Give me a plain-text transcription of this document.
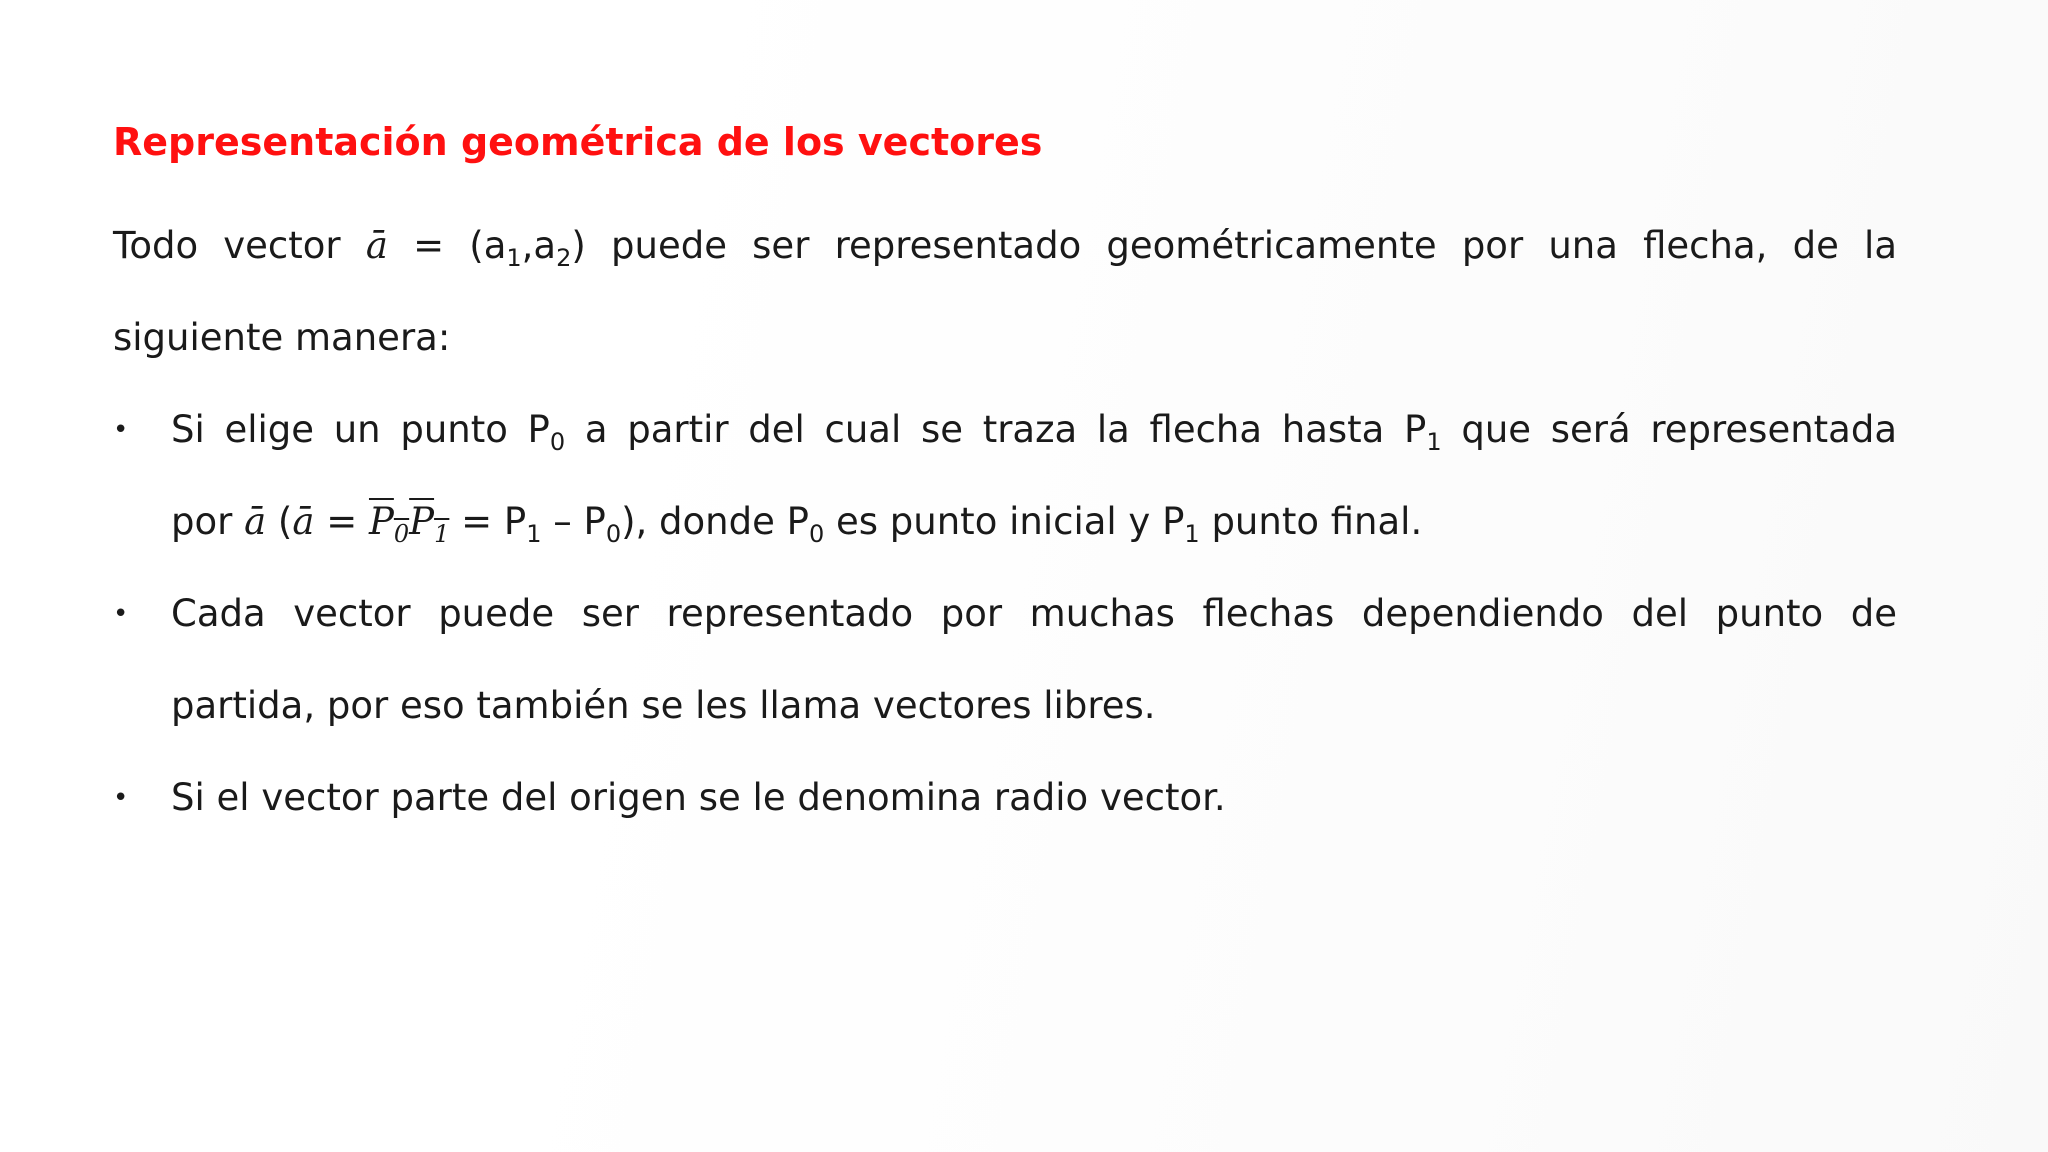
Representación geométrica de los vectores
Todo vector ā = $(a_1,a_2)$ puede ser representado geométricamente por una flecha, de la
siguiente manera:
• Si elige un punto $P_0$ a partir del cual se traza la flecha hasta $P_1$ que será representada
por ā (ā = $P_0P_1 = P_1 - P_0$), donde $P_0$ es punto inicial y $P_1$ punto final.
• Cada vector puede ser representado por muchas flechas dependiendo del punto de
partida, por eso también se les llama vectores libres.
• Si el vector parte del origen se le denomina radio vector.
